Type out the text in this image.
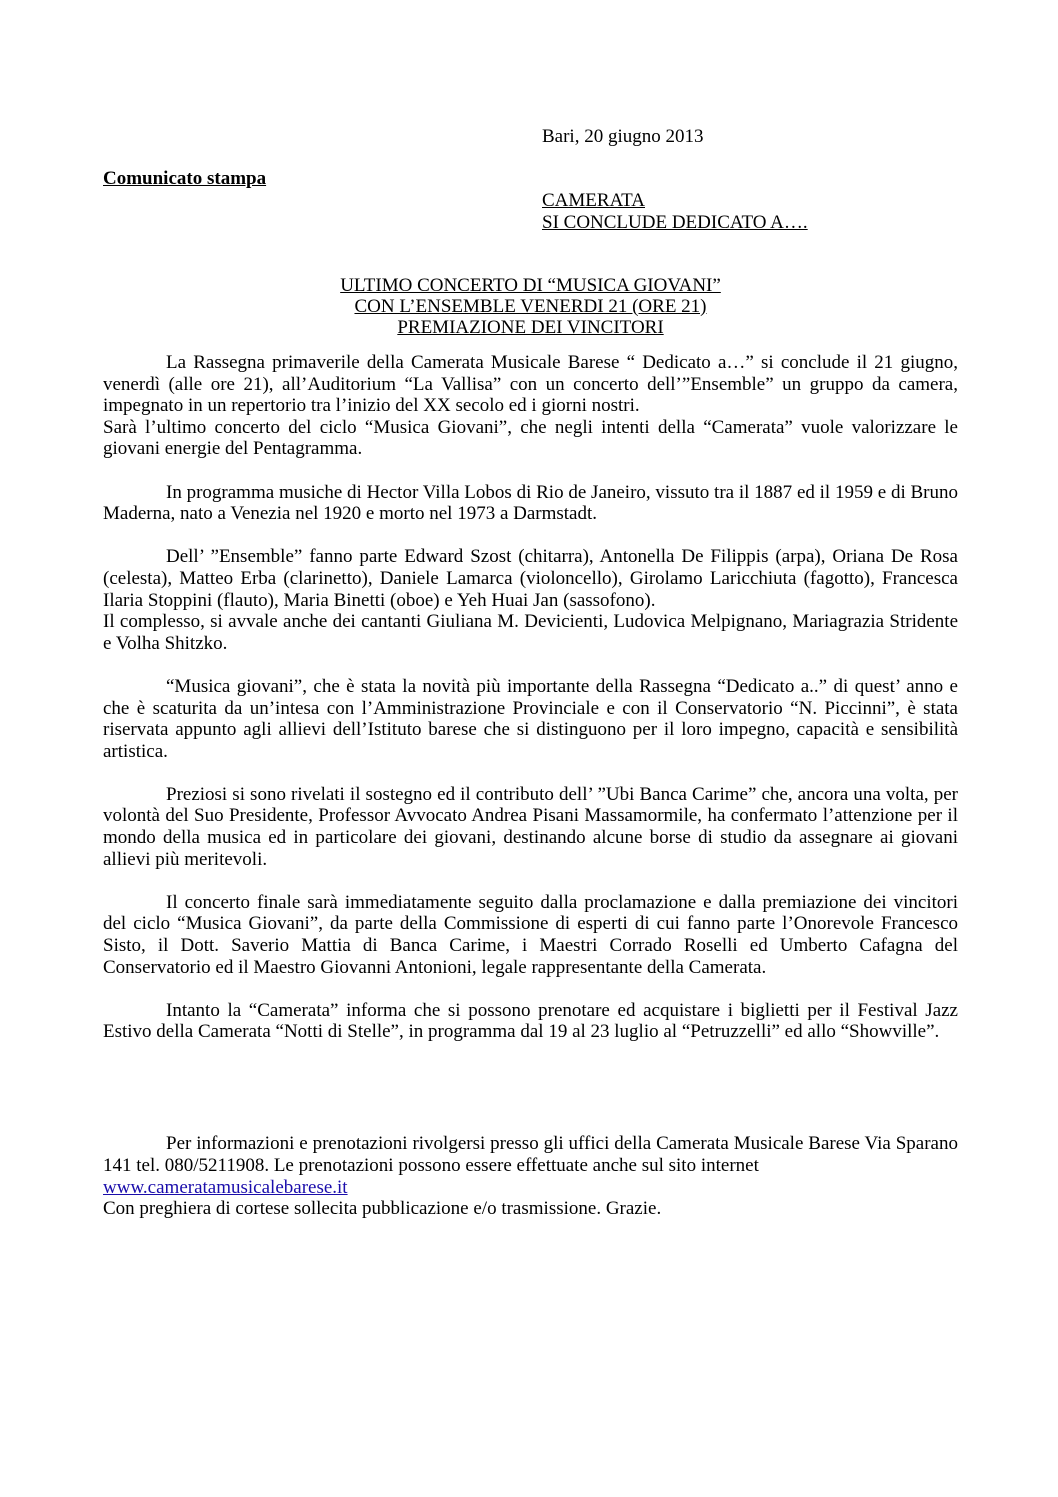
Bari, 20 giugno 2013
Comunicato stampa
CAMERATA
SI CONCLUDE DEDICATO A….
ULTIMO CONCERTO DI “MUSICA GIOVANI”
CON L’ENSEMBLE VENERDI 21 (ORE 21)
PREMIAZIONE DEI VINCITORI

La Rassegna primaverile della Camerata Musicale Barese “ Dedicato a…” si conclude il 21 giugno, venerdì (alle ore 21), all’Auditorium “La Vallisa” con un concerto dell’”Ensemble” un gruppo da camera, impegnato in un repertorio tra l’inizio del XX secolo ed i giorni nostri.

Sarà l’ultimo concerto del ciclo “Musica Giovani”, che negli intenti della “Camerata” vuole valorizzare le giovani energie del Pentagramma.

In programma musiche di Hector Villa Lobos di Rio de Janeiro, vissuto tra il 1887 ed il 1959 e di Bruno Maderna, nato a Venezia nel 1920 e morto nel 1973 a Darmstadt.

Dell’ ”Ensemble” fanno parte Edward Szost (chitarra), Antonella De Filippis (arpa), Oriana De Rosa (celesta), Matteo Erba (clarinetto), Daniele Lamarca (violoncello), Girolamo Laricchiuta (fagotto), Francesca Ilaria Stoppini (flauto), Maria Binetti (oboe) e Yeh Huai Jan (sassofono).

Il complesso, si avvale anche dei cantanti Giuliana M. Devicienti, Ludovica Melpignano, Mariagrazia Stridente e Volha Shitzko.

“Musica giovani”, che è stata la novità più importante della Rassegna “Dedicato a..” di quest’ anno e che è scaturita da un’intesa con l’Amministrazione Provinciale e con il Conservatorio “N. Piccinni”, è stata riservata appunto agli allievi dell’Istituto barese che si distinguono per il loro impegno, capacità e sensibilità artistica.

Preziosi si sono rivelati il sostegno ed il contributo dell’ ”Ubi Banca Carime” che, ancora una volta, per volontà del Suo Presidente, Professor Avvocato Andrea Pisani Massamormile, ha confermato l’attenzione per il mondo della musica ed in particolare dei giovani, destinando alcune borse di studio da assegnare ai giovani allievi più meritevoli.

Il concerto finale sarà immediatamente seguito dalla proclamazione e dalla premiazione dei vincitori del ciclo “Musica Giovani”, da parte della Commissione di esperti di cui fanno parte l’Onorevole Francesco Sisto, il Dott. Saverio Mattia di Banca Carime, i Maestri Corrado Roselli ed Umberto Cafagna del Conservatorio ed il Maestro Giovanni Antonioni, legale rappresentante della Camerata.

Intanto la “Camerata” informa che si possono prenotare ed acquistare i biglietti per il Festival Jazz Estivo della Camerata “Notti di Stelle”, in programma dal 19 al 23 luglio al “Petruzzelli” ed allo “Showville”.

Per informazioni e prenotazioni rivolgersi presso gli uffici della Camerata Musicale Barese Via Sparano 141 tel. 080/5211908. Le prenotazioni possono essere effettuate anche sul sito internet

www.cameratamusicalebarese.it

Con preghiera di cortese sollecita pubblicazione e/o trasmissione. Grazie.
